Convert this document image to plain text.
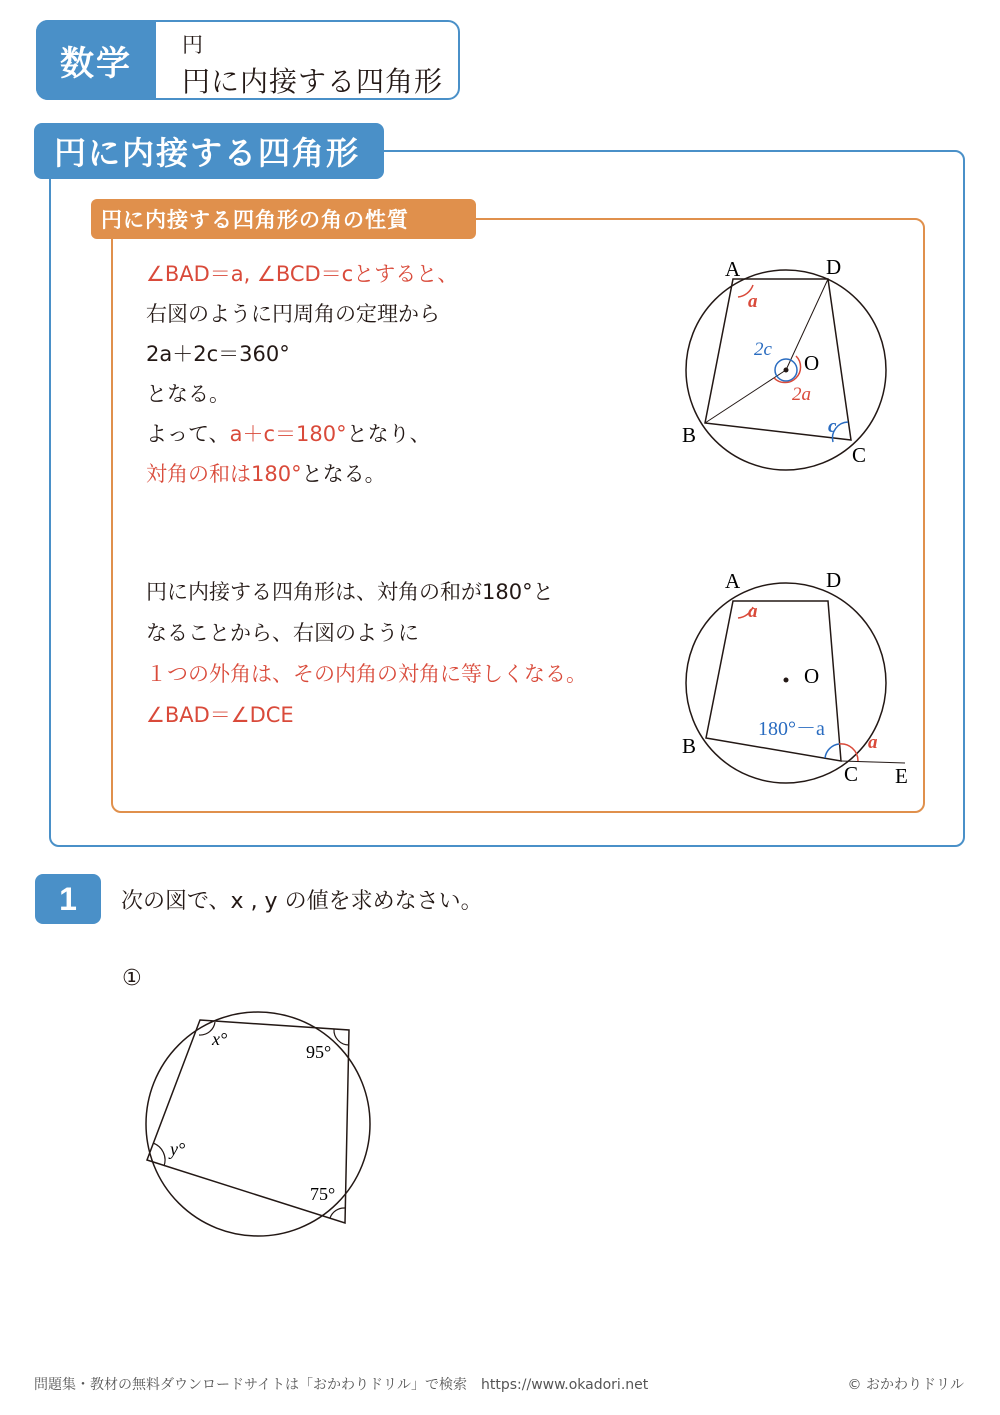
数学	円
円に内接する四角形
円に内接する四角形
円に内接する四角形の角の性質
∠BAD＝a, ∠BCD＝cとすると、
右図のように円周角の定理から
2a＋2c＝360°
となる。
よって、a＋c＝180°となり、
対角の和は180°となる。
円に内接する四角形は、対角の和が180°と
なることから、右図のように
１つの外角は、その内角の対角に等しくなる。
∠BAD＝∠DCE
A	D
B
C
O
a
c
2a
2c
A	D
B
C E
O
a
180°－a
a
1	次の図で、x , y の値を求めなさい。
①
x°
95°
y°
75°
問題集・教材の無料ダウンロードサイトは「おかわりドリル」で検索　https://www.okadori.net	© おかわりドリル
